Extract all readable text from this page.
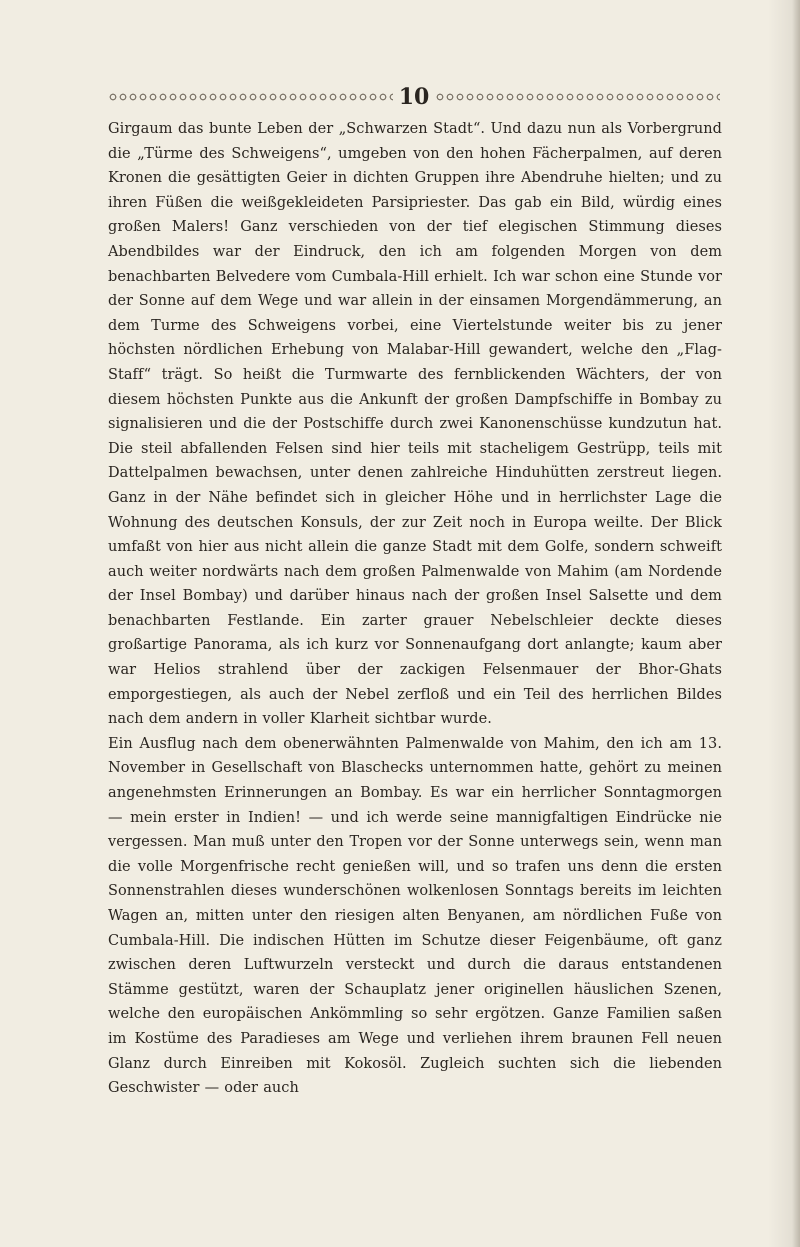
10

Girgaum das bunte Leben der „Schwarzen Stadt“. Und dazu nun als Vorbergrund die „Türme des Schweigens“, umgeben von den hohen Fächerpalmen, auf deren Kronen die gesättigten Geier in dichten Gruppen ihre Abendruhe hielten; und zu ihren Füßen die weißgekleideten Parsipriester. Das gab ein Bild, würdig eines großen Malers! Ganz verschieden von der tief elegischen Stimmung dieses Abendbildes war der Eindruck, den ich am folgenden Morgen von dem benachbarten Belvedere vom Cumbala-Hill erhielt. Ich war schon eine Stunde vor der Sonne auf dem Wege und war allein in der einsamen Morgendämmerung, an dem Turme des Schweigens vorbei, eine Viertelstunde weiter bis zu jener höchsten nördlichen Erhebung von Malabar-Hill gewandert, welche den „Flag-Staff“ trägt. So heißt die Turmwarte des fernblickenden Wächters, der von diesem höchsten Punkte aus die Ankunft der großen Dampfschiffe in Bombay zu signalisieren und die der Postschiffe durch zwei Kanonenschüsse kundzutun hat. Die steil abfallenden Felsen sind hier teils mit stacheligem Gestrüpp, teils mit Dattelpalmen bewachsen, unter denen zahlreiche Hinduhütten zerstreut liegen. Ganz in der Nähe befindet sich in gleicher Höhe und in herrlichster Lage die Wohnung des deutschen Konsuls, der zur Zeit noch in Europa weilte. Der Blick umfaßt von hier aus nicht allein die ganze Stadt mit dem Golfe, sondern schweift auch weiter nordwärts nach dem großen Palmenwalde von Mahim (am Nordende der Insel Bombay) und darüber hinaus nach der großen Insel Salsette und dem benachbarten Festlande. Ein zarter grauer Nebelschleier deckte dieses großartige Panorama, als ich kurz vor Sonnenaufgang dort anlangte; kaum aber war Helios strahlend über der zackigen Felsenmauer der Bhor-Ghats emporgestiegen, als auch der Nebel zerfloß und ein Teil des herrlichen Bildes nach dem andern in voller Klarheit sichtbar wurde.

Ein Ausflug nach dem obenerwähnten Palmenwalde von Mahim, den ich am 13. November in Gesellschaft von Blaschecks unternommen hatte, gehört zu meinen angenehmsten Erinnerungen an Bombay. Es war ein herrlicher Sonntagmorgen — mein erster in Indien! — und ich werde seine mannigfaltigen Eindrücke nie vergessen. Man muß unter den Tropen vor der Sonne unterwegs sein, wenn man die volle Morgenfrische recht genießen will, und so trafen uns denn die ersten Sonnenstrahlen dieses wunderschönen wolkenlosen Sonntags bereits im leichten Wagen an, mitten unter den riesigen alten Benyanen, am nördlichen Fuße von Cumbala-Hill. Die indischen Hütten im Schutze dieser Feigenbäume, oft ganz zwischen deren Luftwurzeln versteckt und durch die daraus entstandenen Stämme gestützt, waren der Schauplatz jener originellen häuslichen Szenen, welche den europäischen Ankömmling so sehr ergötzen. Ganze Familien saßen im Kostüme des Paradieses am Wege und verliehen ihrem braunen Fell neuen Glanz durch Einreiben mit Kokosöl. Zugleich suchten sich die liebenden Geschwister — oder auch
